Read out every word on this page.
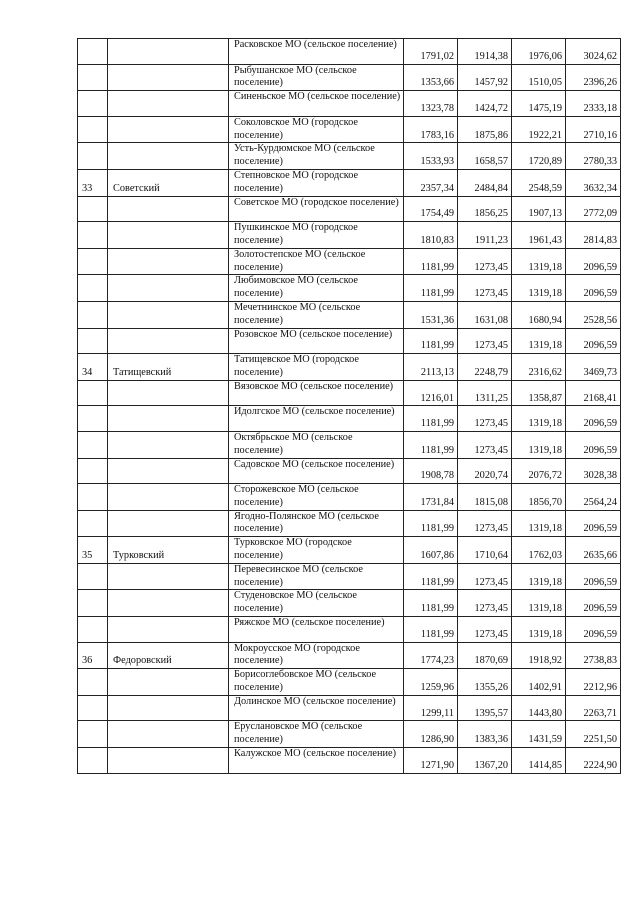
		Расковское МО (сельское поселение)	1791,02	1914,38	1976,06	3024,62
		Рыбушанское МО (сельское поселение)	1353,66	1457,92	1510,05	2396,26
		Синеньское МО (сельское поселение)	1323,78	1424,72	1475,19	2333,18
		Соколовское МО (городское поселение)	1783,16	1875,86	1922,21	2710,16
		Усть-Курдюмское МО (сельское поселение)	1533,93	1658,57	1720,89	2780,33
33	Советский	Степновское МО (городское поселение)	2357,34	2484,84	2548,59	3632,34
		Советское МО (городское поселение)	1754,49	1856,25	1907,13	2772,09
		Пушкинское МО (городское поселение)	1810,83	1911,23	1961,43	2814,83
		Золотостепское МО (сельское поселение)	1181,99	1273,45	1319,18	2096,59
		Любимовское МО (сельское поселение)	1181,99	1273,45	1319,18	2096,59
		Мечетнинское МО (сельское поселение)	1531,36	1631,08	1680,94	2528,56
		Розовское МО (сельское поселение)	1181,99	1273,45	1319,18	2096,59
34	Татищевский	Татищевское МО (городское поселение)	2113,13	2248,79	2316,62	3469,73
		Вязовское МО (сельское поселение)	1216,01	1311,25	1358,87	2168,41
		Идолгское МО (сельское поселение)	1181,99	1273,45	1319,18	2096,59
		Октябрьское МО (сельское поселение)	1181,99	1273,45	1319,18	2096,59
		Садовское МО (сельское поселение)	1908,78	2020,74	2076,72	3028,38
		Сторожевское МО (сельское поселение)	1731,84	1815,08	1856,70	2564,24
		Ягодно-Полянское МО (сельское поселение)	1181,99	1273,45	1319,18	2096,59
35	Турковский	Турковское МО (городское поселение)	1607,86	1710,64	1762,03	2635,66
		Перевесинское МО (сельское поселение)	1181,99	1273,45	1319,18	2096,59
		Студеновское МО (сельское поселение)	1181,99	1273,45	1319,18	2096,59
		Ряжское МО (сельское поселение)	1181,99	1273,45	1319,18	2096,59
36	Федоровский	Мокроусское МО (городское поселение)	1774,23	1870,69	1918,92	2738,83
		Борисоглебовское МО (сельское поселение)	1259,96	1355,26	1402,91	2212,96
		Долинское МО (сельское поселение)	1299,11	1395,57	1443,80	2263,71
		Еруслановское МО (сельское поселение)	1286,90	1383,36	1431,59	2251,50
		Калужское МО (сельское поселение)	1271,90	1367,20	1414,85	2224,90
